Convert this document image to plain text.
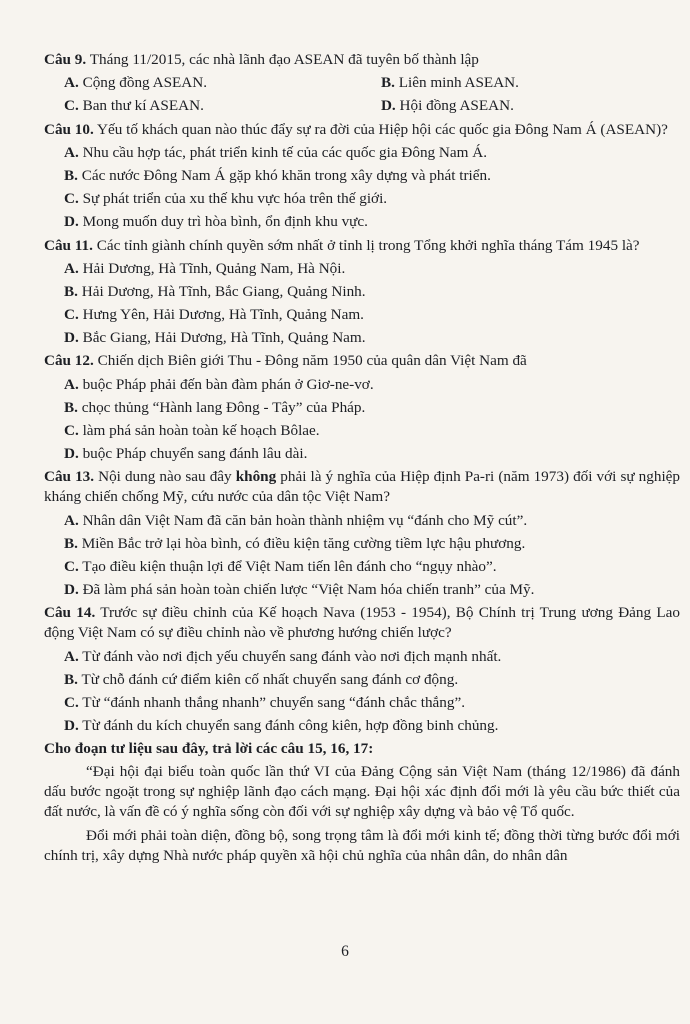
Câu 9. Tháng 11/2015, các nhà lãnh đạo ASEAN đã tuyên bố thành lập

A. Cộng đồng ASEAN.	B. Liên minh ASEAN.
C. Ban thư kí ASEAN.	D. Hội đồng ASEAN.

Câu 10. Yếu tố khách quan nào thúc đẩy sự ra đời của Hiệp hội các quốc gia Đông Nam Á (ASEAN)?

A. Nhu cầu hợp tác, phát triển kinh tế của các quốc gia Đông Nam Á.

B. Các nước Đông Nam Á gặp khó khăn trong xây dựng và phát triển.

C. Sự phát triển của xu thế khu vực hóa trên thế giới.

D. Mong muốn duy trì hòa bình, ổn định khu vực.

Câu 11. Các tỉnh giành chính quyền sớm nhất ở tỉnh lị trong Tổng khởi nghĩa tháng Tám 1945 là?

A. Hải Dương, Hà Tĩnh, Quảng Nam, Hà Nội.

B. Hải Dương, Hà Tĩnh, Bắc Giang, Quảng Ninh.

C. Hưng Yên, Hải Dương, Hà Tĩnh, Quảng Nam.

D. Bắc Giang, Hải Dương, Hà Tĩnh, Quảng Nam.

Câu 12. Chiến dịch Biên giới Thu - Đông năm 1950 của quân dân Việt Nam đã

A. buộc Pháp phải đến bàn đàm phán ở Giơ-ne-vơ.

B. chọc thủng “Hành lang Đông - Tây” của Pháp.

C. làm phá sản hoàn toàn kế hoạch Bôlae.

D. buộc Pháp chuyển sang đánh lâu dài.

Câu 13. Nội dung nào sau đây không phải là ý nghĩa của Hiệp định Pa-ri (năm 1973) đối với sự nghiệp kháng chiến chống Mỹ, cứu nước của dân tộc Việt Nam?

A. Nhân dân Việt Nam đã căn bản hoàn thành nhiệm vụ “đánh cho Mỹ cút”.

B. Miền Bắc trở lại hòa bình, có điều kiện tăng cường tiềm lực hậu phương.

C. Tạo điều kiện thuận lợi để Việt Nam tiến lên đánh cho “ngụy nhào”.

D. Đã làm phá sản hoàn toàn chiến lược “Việt Nam hóa chiến tranh” của Mỹ.

Câu 14. Trước sự điều chỉnh của Kế hoạch Nava (1953 - 1954), Bộ Chính trị Trung ương Đảng Lao động Việt Nam có sự điều chỉnh nào về phương hướng chiến lược?

A. Từ đánh vào nơi địch yếu chuyển sang đánh vào nơi địch mạnh nhất.

B. Từ chỗ đánh cứ điểm kiên cố nhất chuyển sang đánh cơ động.

C. Từ “đánh nhanh thắng nhanh” chuyển sang “đánh chắc thắng”.

D. Từ đánh du kích chuyển sang đánh công kiên, hợp đồng binh chủng.

Cho đoạn tư liệu sau đây, trả lời các câu 15, 16, 17:

“Đại hội đại biểu toàn quốc lần thứ VI của Đảng Cộng sản Việt Nam (tháng 12/1986) đã đánh dấu bước ngoặt trong sự nghiệp lãnh đạo cách mạng. Đại hội xác định đổi mới là yêu cầu bức thiết của đất nước, là vấn đề có ý nghĩa sống còn đối với sự nghiệp xây dựng và bảo vệ Tổ quốc.

Đổi mới phải toàn diện, đồng bộ, song trọng tâm là đổi mới kinh tế; đồng thời từng bước đổi mới chính trị, xây dựng Nhà nước pháp quyền xã hội chủ nghĩa của nhân dân, do nhân dân

6
